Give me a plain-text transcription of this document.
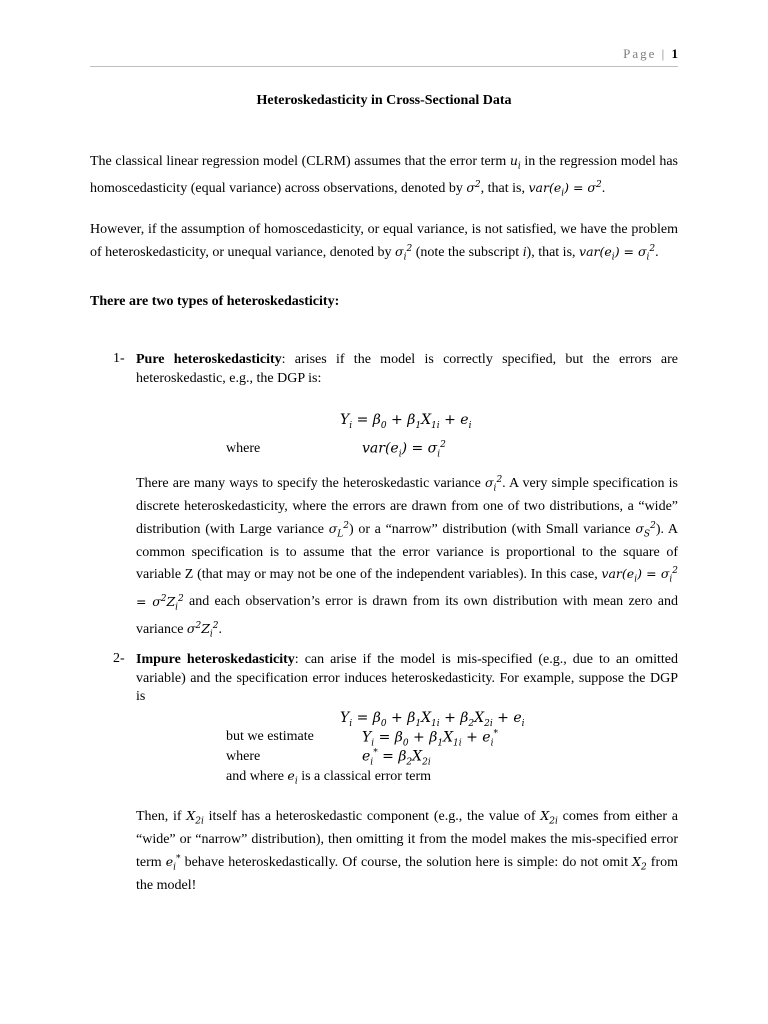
Page | 1
Heteroskedasticity in Cross-Sectional Data
The classical linear regression model (CLRM) assumes that the error term $u_i$ in the regression model has homoscedasticity (equal variance) across observations, denoted by $\sigma^2$, that is, $var(e_i) = \sigma^2$.
However, if the assumption of homoscedasticity, or equal variance, is not satisfied, we have the problem of heteroskedasticity, or unequal variance, denoted by $\sigma_i^2$ (note the subscript i), that is, $var(e_i) = \sigma_i^2$.
There are two types of heteroskedasticity:
1- Pure heteroskedasticity: arises if the model is correctly specified, but the errors are heteroskedastic, e.g., the DGP is:
$Y_i = \beta_0 + \beta_1X_{1i} + e_i$
where	$var(e_i) = \sigma_i^2$
There are many ways to specify the heteroskedastic variance $\sigma_i^2$. A very simple specification is discrete heteroskedasticity, where the errors are drawn from one of two distributions, a “wide” distribution (with Large variance $\sigma_L^2$) or a “narrow” distribution (with Small variance $\sigma_S^2$). A common specification is to assume that the error variance is proportional to the square of variable Z (that may or may not be one of the independent variables). In this case, $var(e_i) = \sigma_i^2 = \sigma^2Z_i^2$ and each observation’s error is drawn from its own distribution with mean zero and variance $\sigma^2Z_i^2$.
2- Impure heteroskedasticity: can arise if the model is mis-specified (e.g., due to an omitted variable) and the specification error induces heteroskedasticity. For example, suppose the DGP is
$Y_i = \beta_0 + \beta_1X_{1i} + \beta_2X_{2i} + e_i$
but we estimate	$Y_i = \beta_0 + \beta_1X_{1i} + e_i^*$
where	$e_i^* = \beta_2X_{2i}$
and where $e_i$ is a classical error term
Then, if $X_{2i}$ itself has a heteroskedastic component (e.g., the value of $X_{2i}$ comes from either a “wide” or “narrow” distribution), then omitting it from the model makes the mis-specified error term $e_i^*$ behave heteroskedastically. Of course, the solution here is simple: do not omit $X_2$ from the model!
